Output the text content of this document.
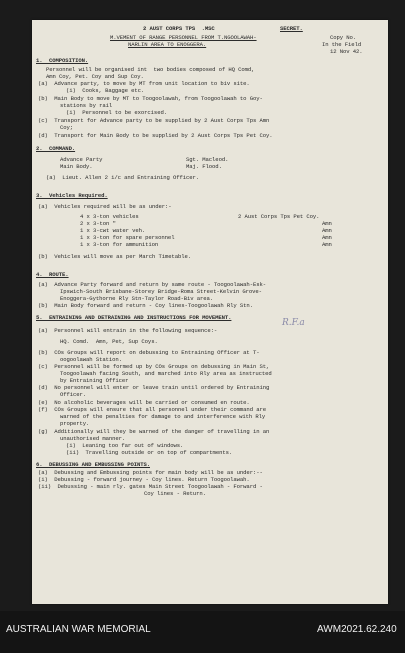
2 AUST CORPS TPS  .MSC	SECRET.
M.VEMENT OF RANGE PERSONNEL FROM T.NGOOLAWAH-
NARLIN AREA TO ENOGGERA.
Copy No.
In the Field
12 Nov 42.
1.  COMPOSITION.
Personnel will be organised int  two bodies composed of HQ Comd,
Amn Coy, Pet. Coy and Sup Coy.
(a)  Advance party, to move by MT from unit location to biv site.
(i)  Cooks, Baggage etc.
(b)  Main Body to move by MT to Toogoolawah, from Toogoolawah to Goy-
stations by rail
(i)  Personnel to be exorcised.
(c)  Transport for Advance party to be supplied by 2 Aust Corps Tps Amn
Coy;
(d)  Transport for Main Body to be supplied by 2 Aust Corps Tps Pet Coy.
2.  COMMAND.
Advance Party	Sgt. Macleod.
Main Body.	Maj. Flood.
(a)  Lieut. Allen 2 i/c and Entraining Officer.
3.  Vehicles Required.
(a)  Vehicles required will be as under:-
4 x 3-ton vehicles	2 Aust Corps Tps Pet Coy.
2 x 3-ton "	Amn
1 x 3-cwt water veh.	Amn
1 x 3-ton for spare personnel	Amn
1 x 3-ton for ammunition	Amn
(b)  Vehicles will move as per March Timetable.
4.  ROUTE.
(a)  Advance Party forward and return by same route - Toogoolawah-Esk-
Ipswich-South Brisbane-Storey Bridge-Roma Street-Kelvin Grove-
Enoggera-Gythorne Rly Stn-Taylor Road-Biv area.
(b)  Main Body forward and return - Coy lines-Toogoolawah Rly Stn.
5.  ENTRAINING AND DETRAINING AND INSTRUCTIONS FOR MOVEMENT.
R.F.a
(a)  Personnel will entrain in the following sequence:-
HQ. Comd.  Amn, Pet, Sup Coys.
(b)  COs Groups will report on debussing to Entraining Officer at T-
oogoolawah Station.
(c)  Personnel will be formed up by COs Groups on debussing in Main St,
Toogoolawah facing South, and marched into Rly area as instructed
by Entraining Officer
(d)  No personnel will enter or leave train until ordered by Entraining
Officer.
(e)  No alcoholic beverages will be carried or consumed en route.
(f)  COs Groups will ensure that all personnel under their command are
warned of the penalties for damage to and interference with Rly
property.
(g)  Additionally will they be warned of the danger of travelling in an
unauthorised manner.
(i)  Leaning too far out of windows.
(ii)  Travelling outside or on top of compartments.
6.  DEBUSSING AND EMBUSSING POINTS.
(a)  Debussing and Embussing points for main body will be as under:--
(i)  Debussing - forward journey - Coy lines. Return Toogoolawah.
(ii)  Debussing - main rly. gates Main Street Toogoolawah - Forward -
Coy lines - Return.
AUSTRALIAN WAR MEMORIAL	AWM2021.62.240
